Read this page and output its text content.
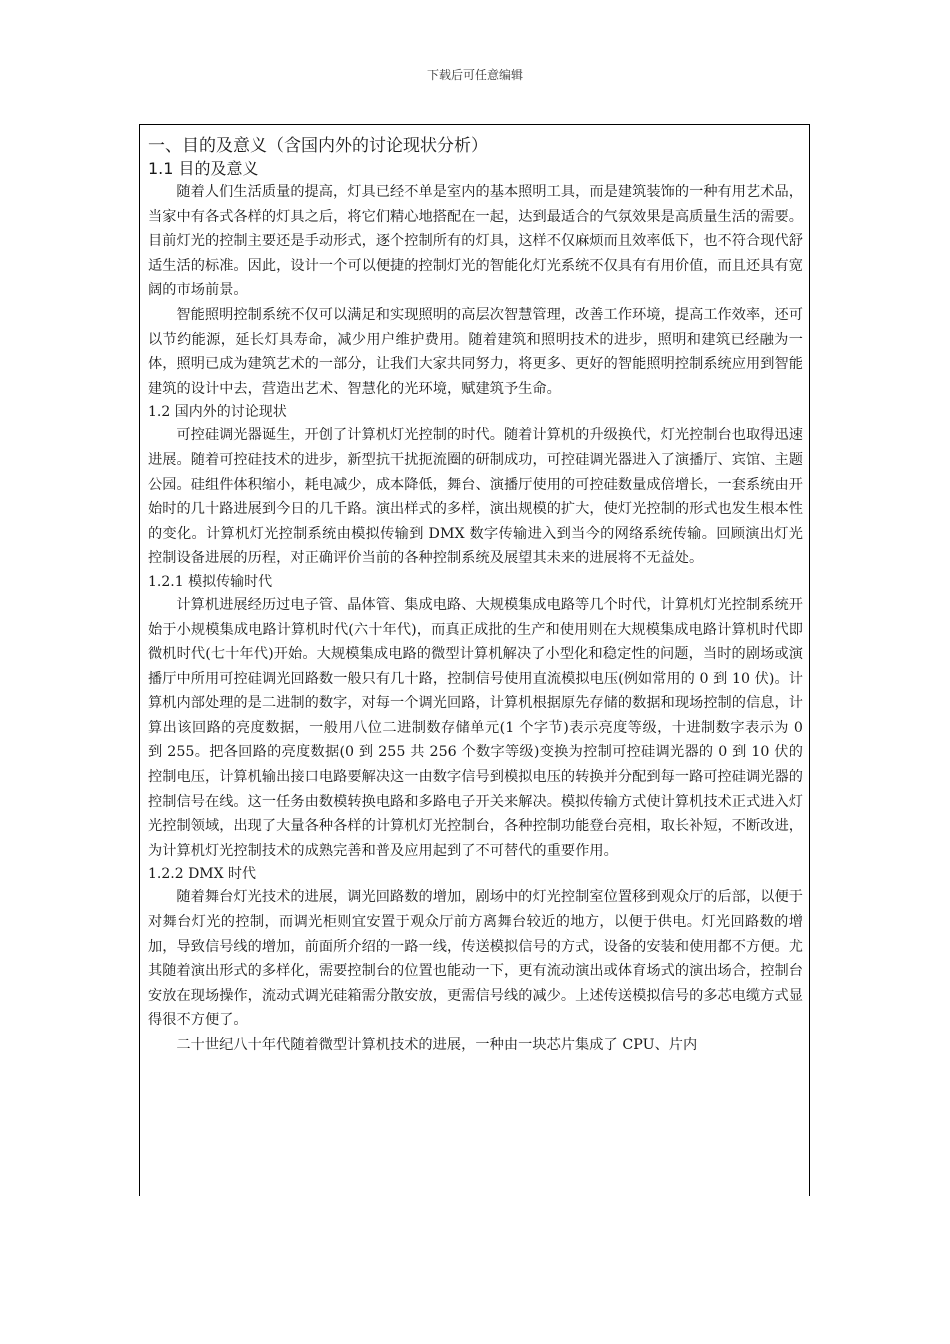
下载后可任意编辑
一、目的及意义（含国内外的讨论现状分析）
1.1 目的及意义

随着人们生活质量的提高，灯具已经不单是室内的基本照明工具，而是建筑装饰的一种有用艺术品，当家中有各式各样的灯具之后，将它们精心地搭配在一起，达到最适合的气氛效果是高质量生活的需要。目前灯光的控制主要还是手动形式，逐个控制所有的灯具，这样不仅麻烦而且效率低下，也不符合现代舒适生活的标准。因此，设计一个可以便捷的控制灯光的智能化灯光系统不仅具有有用价值，而且还具有宽阔的市场前景。

智能照明控制系统不仅可以满足和实现照明的高层次智慧管理，改善工作环境，提高工作效率，还可以节约能源，延长灯具寿命，减少用户维护费用。随着建筑和照明技术的进步，照明和建筑已经融为一体，照明已成为建筑艺术的一部分，让我们大家共同努力，将更多、更好的智能照明控制系统应用到智能建筑的设计中去，营造出艺术、智慧化的光环境，赋建筑予生命。

1.2 国内外的讨论现状

可控硅调光器诞生，开创了计算机灯光控制的时代。随着计算机的升级换代，灯光控制台也取得迅速进展。随着可控硅技术的进步，新型抗干扰扼流圈的研制成功，可控硅调光器进入了演播厅、宾馆、主题公园。硅组件体积缩小，耗电减少，成本降低，舞台、演播厅使用的可控硅数量成倍增长，一套系统由开始时的几十路进展到今日的几千路。演出样式的多样，演出规模的扩大，使灯光控制的形式也发生根本性的变化。计算机灯光控制系统由模拟传输到 DMX 数字传输进入到当今的网络系统传输。回顾演出灯光控制设备进展的历程，对正确评价当前的各种控制系统及展望其未来的进展将不无益处。

1.2.1 模拟传输时代

计算机进展经历过电子管、晶体管、集成电路、大规模集成电路等几个时代，计算机灯光控制系统开始于小规模集成电路计算机时代(六十年代)，而真正成批的生产和使用则在大规模集成电路计算机时代即微机时代(七十年代)开始。大规模集成电路的微型计算机解决了小型化和稳定性的问题，当时的剧场或演播厅中所用可控硅调光回路数一般只有几十路，控制信号使用直流模拟电压(例如常用的 0 到 10 伏)。计算机内部处理的是二进制的数字，对每一个调光回路，计算机根据原先存储的数据和现场控制的信息，计算出该回路的亮度数据，一般用八位二进制数存储单元(1 个字节)表示亮度等级，十进制数字表示为 0 到 255。把各回路的亮度数据(0 到 255 共 256 个数字等级)变换为控制可控硅调光器的 0 到 10 伏的控制电压，计算机输出接口电路要解决这一由数字信号到模拟电压的转换并分配到每一路可控硅调光器的控制信号在线。这一任务由数模转换电路和多路电子开关来解决。模拟传输方式使计算机技术正式进入灯光控制领域，出现了大量各种各样的计算机灯光控制台，各种控制功能登台亮相，取长补短，不断改进，为计算机灯光控制技术的成熟完善和普及应用起到了不可替代的重要作用。

1.2.2 DMX 时代

随着舞台灯光技术的进展，调光回路数的增加，剧场中的灯光控制室位置移到观众厅的后部，以便于对舞台灯光的控制，而调光柜则宜安置于观众厅前方离舞台较近的地方，以便于供电。灯光回路数的增加，导致信号线的增加，前面所介绍的一路一线，传送模拟信号的方式，设备的安装和使用都不方便。尤其随着演出形式的多样化，需要控制台的位置也能动一下，更有流动演出或体育场式的演出场合，控制台安放在现场操作，流动式调光硅箱需分散安放，更需信号线的减少。上述传送模拟信号的多芯电缆方式显得很不方便了。

二十世纪八十年代随着微型计算机技术的进展，一种由一块芯片集成了 CPU、片内
